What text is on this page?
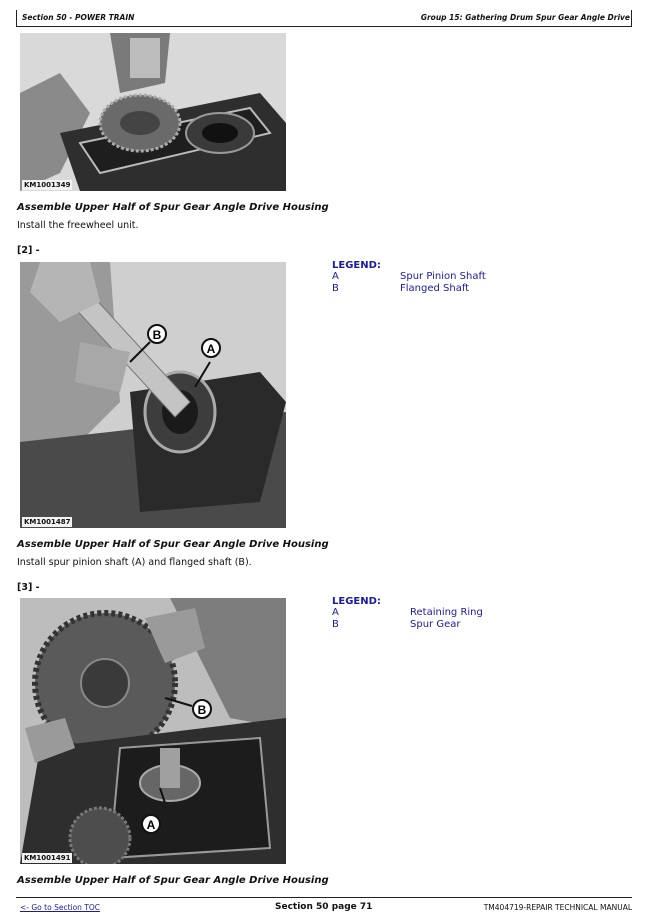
Section 50 - POWER TRAIN	Group 15: Gathering Drum Spur Gear Angle Drive
KM1001349
Assemble Upper Half of Spur Gear Angle Drive Housing
Install the freewheel unit.
[2] -
B
A
KM1001487
LEGEND:
A	Spur Pinion Shaft
B	Flanged Shaft
Assemble Upper Half of Spur Gear Angle Drive Housing
Install spur pinion shaft (A) and flanged shaft (B).
[3] -
B
A
KM1001491
LEGEND:
A	Retaining Ring
B	Spur Gear
Assemble Upper Half of Spur Gear Angle Drive Housing
<- Go to Section TOC	Section 50 page 71	TM404719-REPAIR TECHNICAL MANUAL
